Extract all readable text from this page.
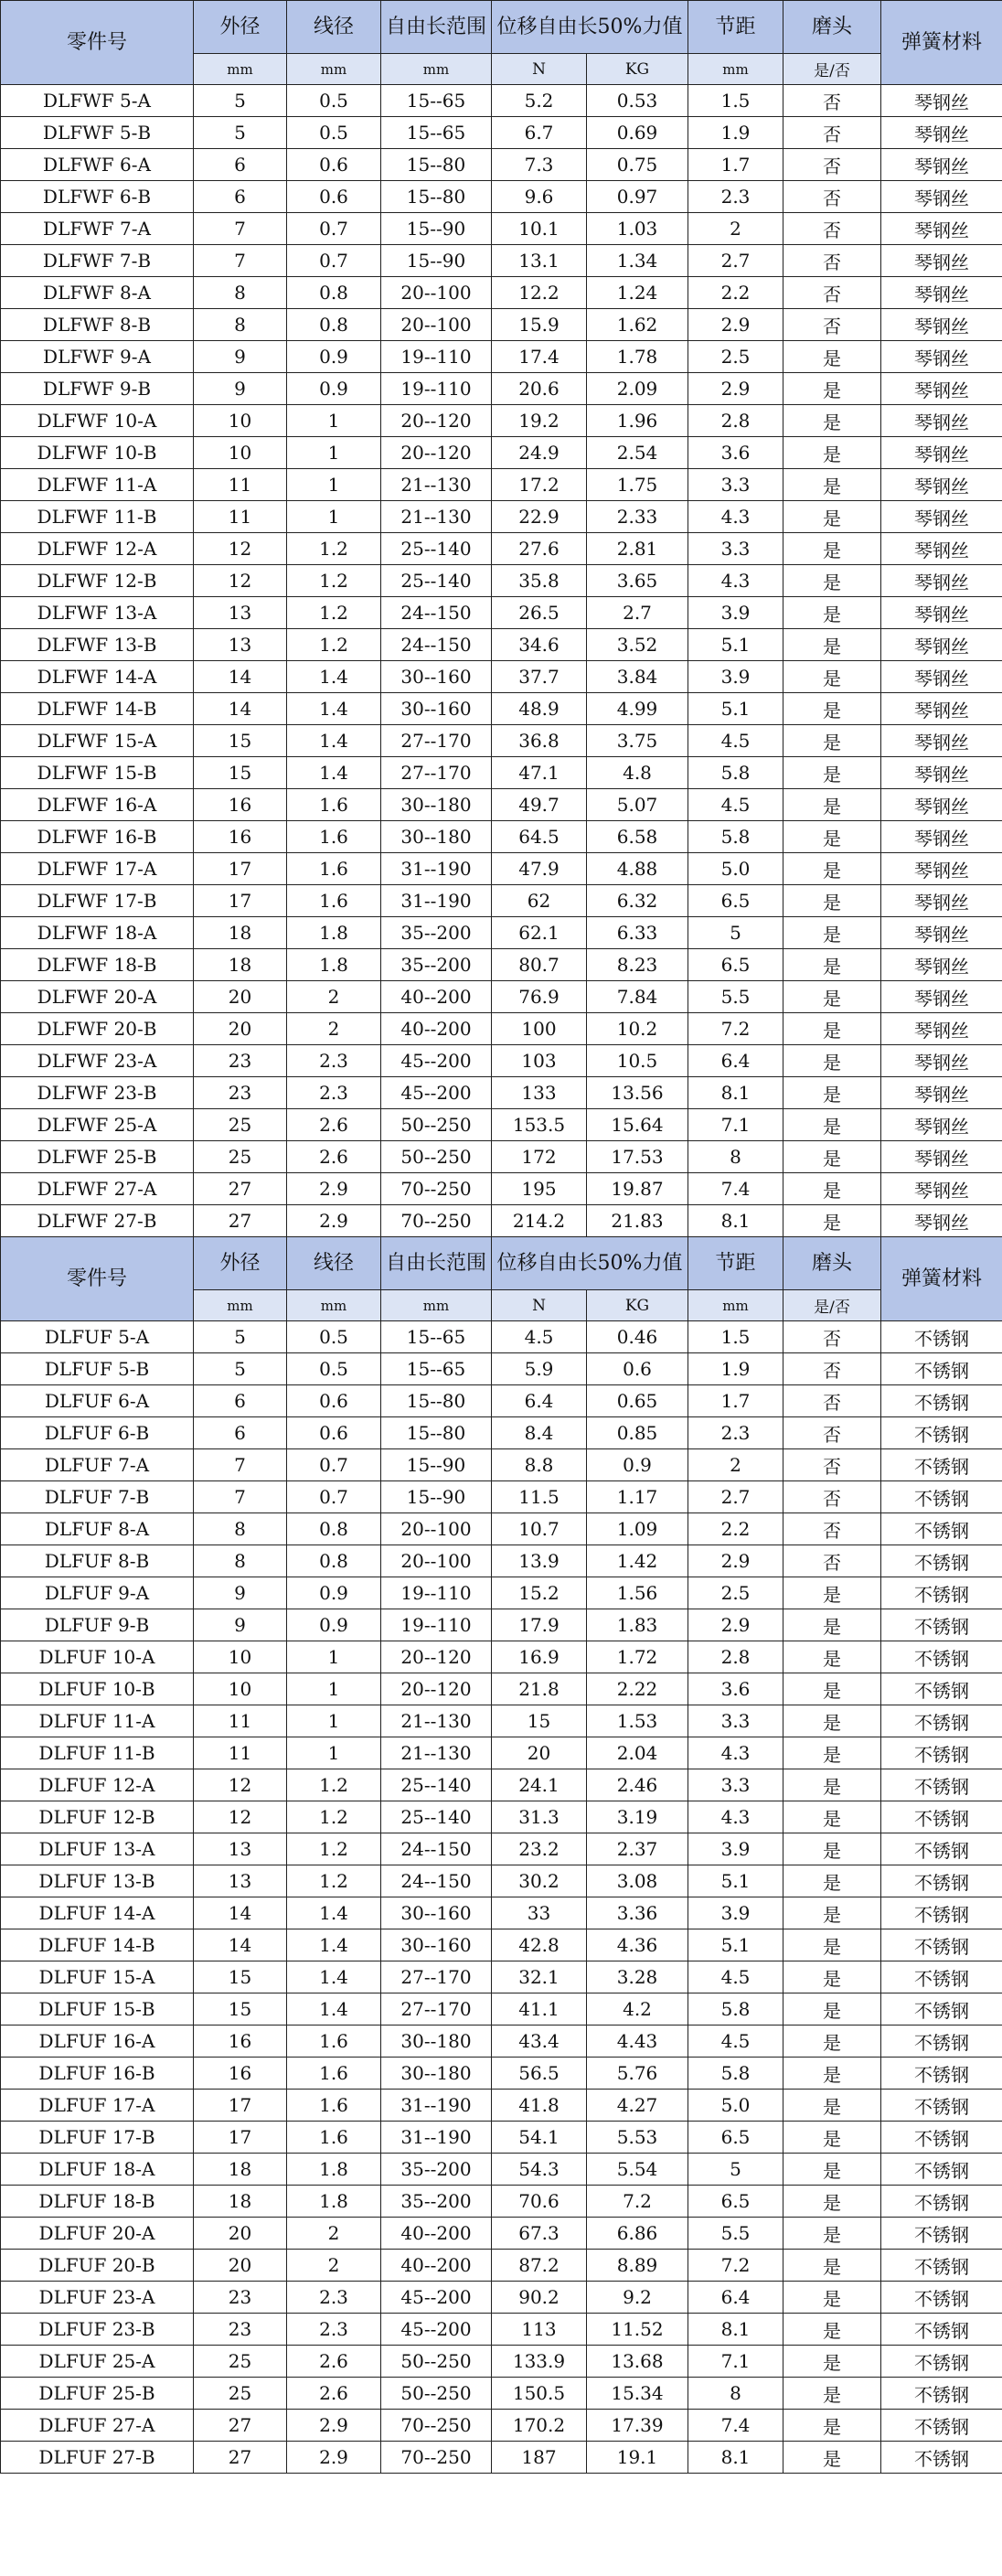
零件号	外径	线径	自由长范围	位移自由长50%力值		节距	磨头	弹簧材料
	mm	mm	mm	N	KG	mm	是/否	
DLFWF 5-A	5	0.5	15--65	5.2	0.53	1.5	否	琴钢丝
DLFWF 5-B	5	0.5	15--65	6.7	0.69	1.9	否	琴钢丝
DLFWF 6-A	6	0.6	15--80	7.3	0.75	1.7	否	琴钢丝
DLFWF 6-B	6	0.6	15--80	9.6	0.97	2.3	否	琴钢丝
DLFWF 7-A	7	0.7	15--90	10.1	1.03	2	否	琴钢丝
DLFWF 7-B	7	0.7	15--90	13.1	1.34	2.7	否	琴钢丝
DLFWF 8-A	8	0.8	20--100	12.2	1.24	2.2	否	琴钢丝
DLFWF 8-B	8	0.8	20--100	15.9	1.62	2.9	否	琴钢丝
DLFWF 9-A	9	0.9	19--110	17.4	1.78	2.5	是	琴钢丝
DLFWF 9-B	9	0.9	19--110	20.6	2.09	2.9	是	琴钢丝
DLFWF 10-A	10	1	20--120	19.2	1.96	2.8	是	琴钢丝
DLFWF 10-B	10	1	20--120	24.9	2.54	3.6	是	琴钢丝
DLFWF 11-A	11	1	21--130	17.2	1.75	3.3	是	琴钢丝
DLFWF 11-B	11	1	21--130	22.9	2.33	4.3	是	琴钢丝
DLFWF 12-A	12	1.2	25--140	27.6	2.81	3.3	是	琴钢丝
DLFWF 12-B	12	1.2	25--140	35.8	3.65	4.3	是	琴钢丝
DLFWF 13-A	13	1.2	24--150	26.5	2.7	3.9	是	琴钢丝
DLFWF 13-B	13	1.2	24--150	34.6	3.52	5.1	是	琴钢丝
DLFWF 14-A	14	1.4	30--160	37.7	3.84	3.9	是	琴钢丝
DLFWF 14-B	14	1.4	30--160	48.9	4.99	5.1	是	琴钢丝
DLFWF 15-A	15	1.4	27--170	36.8	3.75	4.5	是	琴钢丝
DLFWF 15-B	15	1.4	27--170	47.1	4.8	5.8	是	琴钢丝
DLFWF 16-A	16	1.6	30--180	49.7	5.07	4.5	是	琴钢丝
DLFWF 16-B	16	1.6	30--180	64.5	6.58	5.8	是	琴钢丝
DLFWF 17-A	17	1.6	31--190	47.9	4.88	5.0	是	琴钢丝
DLFWF 17-B	17	1.6	31--190	62	6.32	6.5	是	琴钢丝
DLFWF 18-A	18	1.8	35--200	62.1	6.33	5	是	琴钢丝
DLFWF 18-B	18	1.8	35--200	80.7	8.23	6.5	是	琴钢丝
DLFWF 20-A	20	2	40--200	76.9	7.84	5.5	是	琴钢丝
DLFWF 20-B	20	2	40--200	100	10.2	7.2	是	琴钢丝
DLFWF 23-A	23	2.3	45--200	103	10.5	6.4	是	琴钢丝
DLFWF 23-B	23	2.3	45--200	133	13.56	8.1	是	琴钢丝
DLFWF 25-A	25	2.6	50--250	153.5	15.64	7.1	是	琴钢丝
DLFWF 25-B	25	2.6	50--250	172	17.53	8	是	琴钢丝
DLFWF 27-A	27	2.9	70--250	195	19.87	7.4	是	琴钢丝
DLFWF 27-B	27	2.9	70--250	214.2	21.83	8.1	是	琴钢丝
零件号	外径	线径	自由长范围	位移自由长50%力值		节距	磨头	弹簧材料
	mm	mm	mm	N	KG	mm	是/否	
DLFUF 5-A	5	0.5	15--65	4.5	0.46	1.5	否	不锈钢
DLFUF 5-B	5	0.5	15--65	5.9	0.6	1.9	否	不锈钢
DLFUF 6-A	6	0.6	15--80	6.4	0.65	1.7	否	不锈钢
DLFUF 6-B	6	0.6	15--80	8.4	0.85	2.3	否	不锈钢
DLFUF 7-A	7	0.7	15--90	8.8	0.9	2	否	不锈钢
DLFUF 7-B	7	0.7	15--90	11.5	1.17	2.7	否	不锈钢
DLFUF 8-A	8	0.8	20--100	10.7	1.09	2.2	否	不锈钢
DLFUF 8-B	8	0.8	20--100	13.9	1.42	2.9	否	不锈钢
DLFUF 9-A	9	0.9	19--110	15.2	1.56	2.5	是	不锈钢
DLFUF 9-B	9	0.9	19--110	17.9	1.83	2.9	是	不锈钢
DLFUF 10-A	10	1	20--120	16.9	1.72	2.8	是	不锈钢
DLFUF 10-B	10	1	20--120	21.8	2.22	3.6	是	不锈钢
DLFUF 11-A	11	1	21--130	15	1.53	3.3	是	不锈钢
DLFUF 11-B	11	1	21--130	20	2.04	4.3	是	不锈钢
DLFUF 12-A	12	1.2	25--140	24.1	2.46	3.3	是	不锈钢
DLFUF 12-B	12	1.2	25--140	31.3	3.19	4.3	是	不锈钢
DLFUF 13-A	13	1.2	24--150	23.2	2.37	3.9	是	不锈钢
DLFUF 13-B	13	1.2	24--150	30.2	3.08	5.1	是	不锈钢
DLFUF 14-A	14	1.4	30--160	33	3.36	3.9	是	不锈钢
DLFUF 14-B	14	1.4	30--160	42.8	4.36	5.1	是	不锈钢
DLFUF 15-A	15	1.4	27--170	32.1	3.28	4.5	是	不锈钢
DLFUF 15-B	15	1.4	27--170	41.1	4.2	5.8	是	不锈钢
DLFUF 16-A	16	1.6	30--180	43.4	4.43	4.5	是	不锈钢
DLFUF 16-B	16	1.6	30--180	56.5	5.76	5.8	是	不锈钢
DLFUF 17-A	17	1.6	31--190	41.8	4.27	5.0	是	不锈钢
DLFUF 17-B	17	1.6	31--190	54.1	5.53	6.5	是	不锈钢
DLFUF 18-A	18	1.8	35--200	54.3	5.54	5	是	不锈钢
DLFUF 18-B	18	1.8	35--200	70.6	7.2	6.5	是	不锈钢
DLFUF 20-A	20	2	40--200	67.3	6.86	5.5	是	不锈钢
DLFUF 20-B	20	2	40--200	87.2	8.89	7.2	是	不锈钢
DLFUF 23-A	23	2.3	45--200	90.2	9.2	6.4	是	不锈钢
DLFUF 23-B	23	2.3	45--200	113	11.52	8.1	是	不锈钢
DLFUF 25-A	25	2.6	50--250	133.9	13.68	7.1	是	不锈钢
DLFUF 25-B	25	2.6	50--250	150.5	15.34	8	是	不锈钢
DLFUF 27-A	27	2.9	70--250	170.2	17.39	7.4	是	不锈钢
DLFUF 27-B	27	2.9	70--250	187	19.1	8.1	是	不锈钢
